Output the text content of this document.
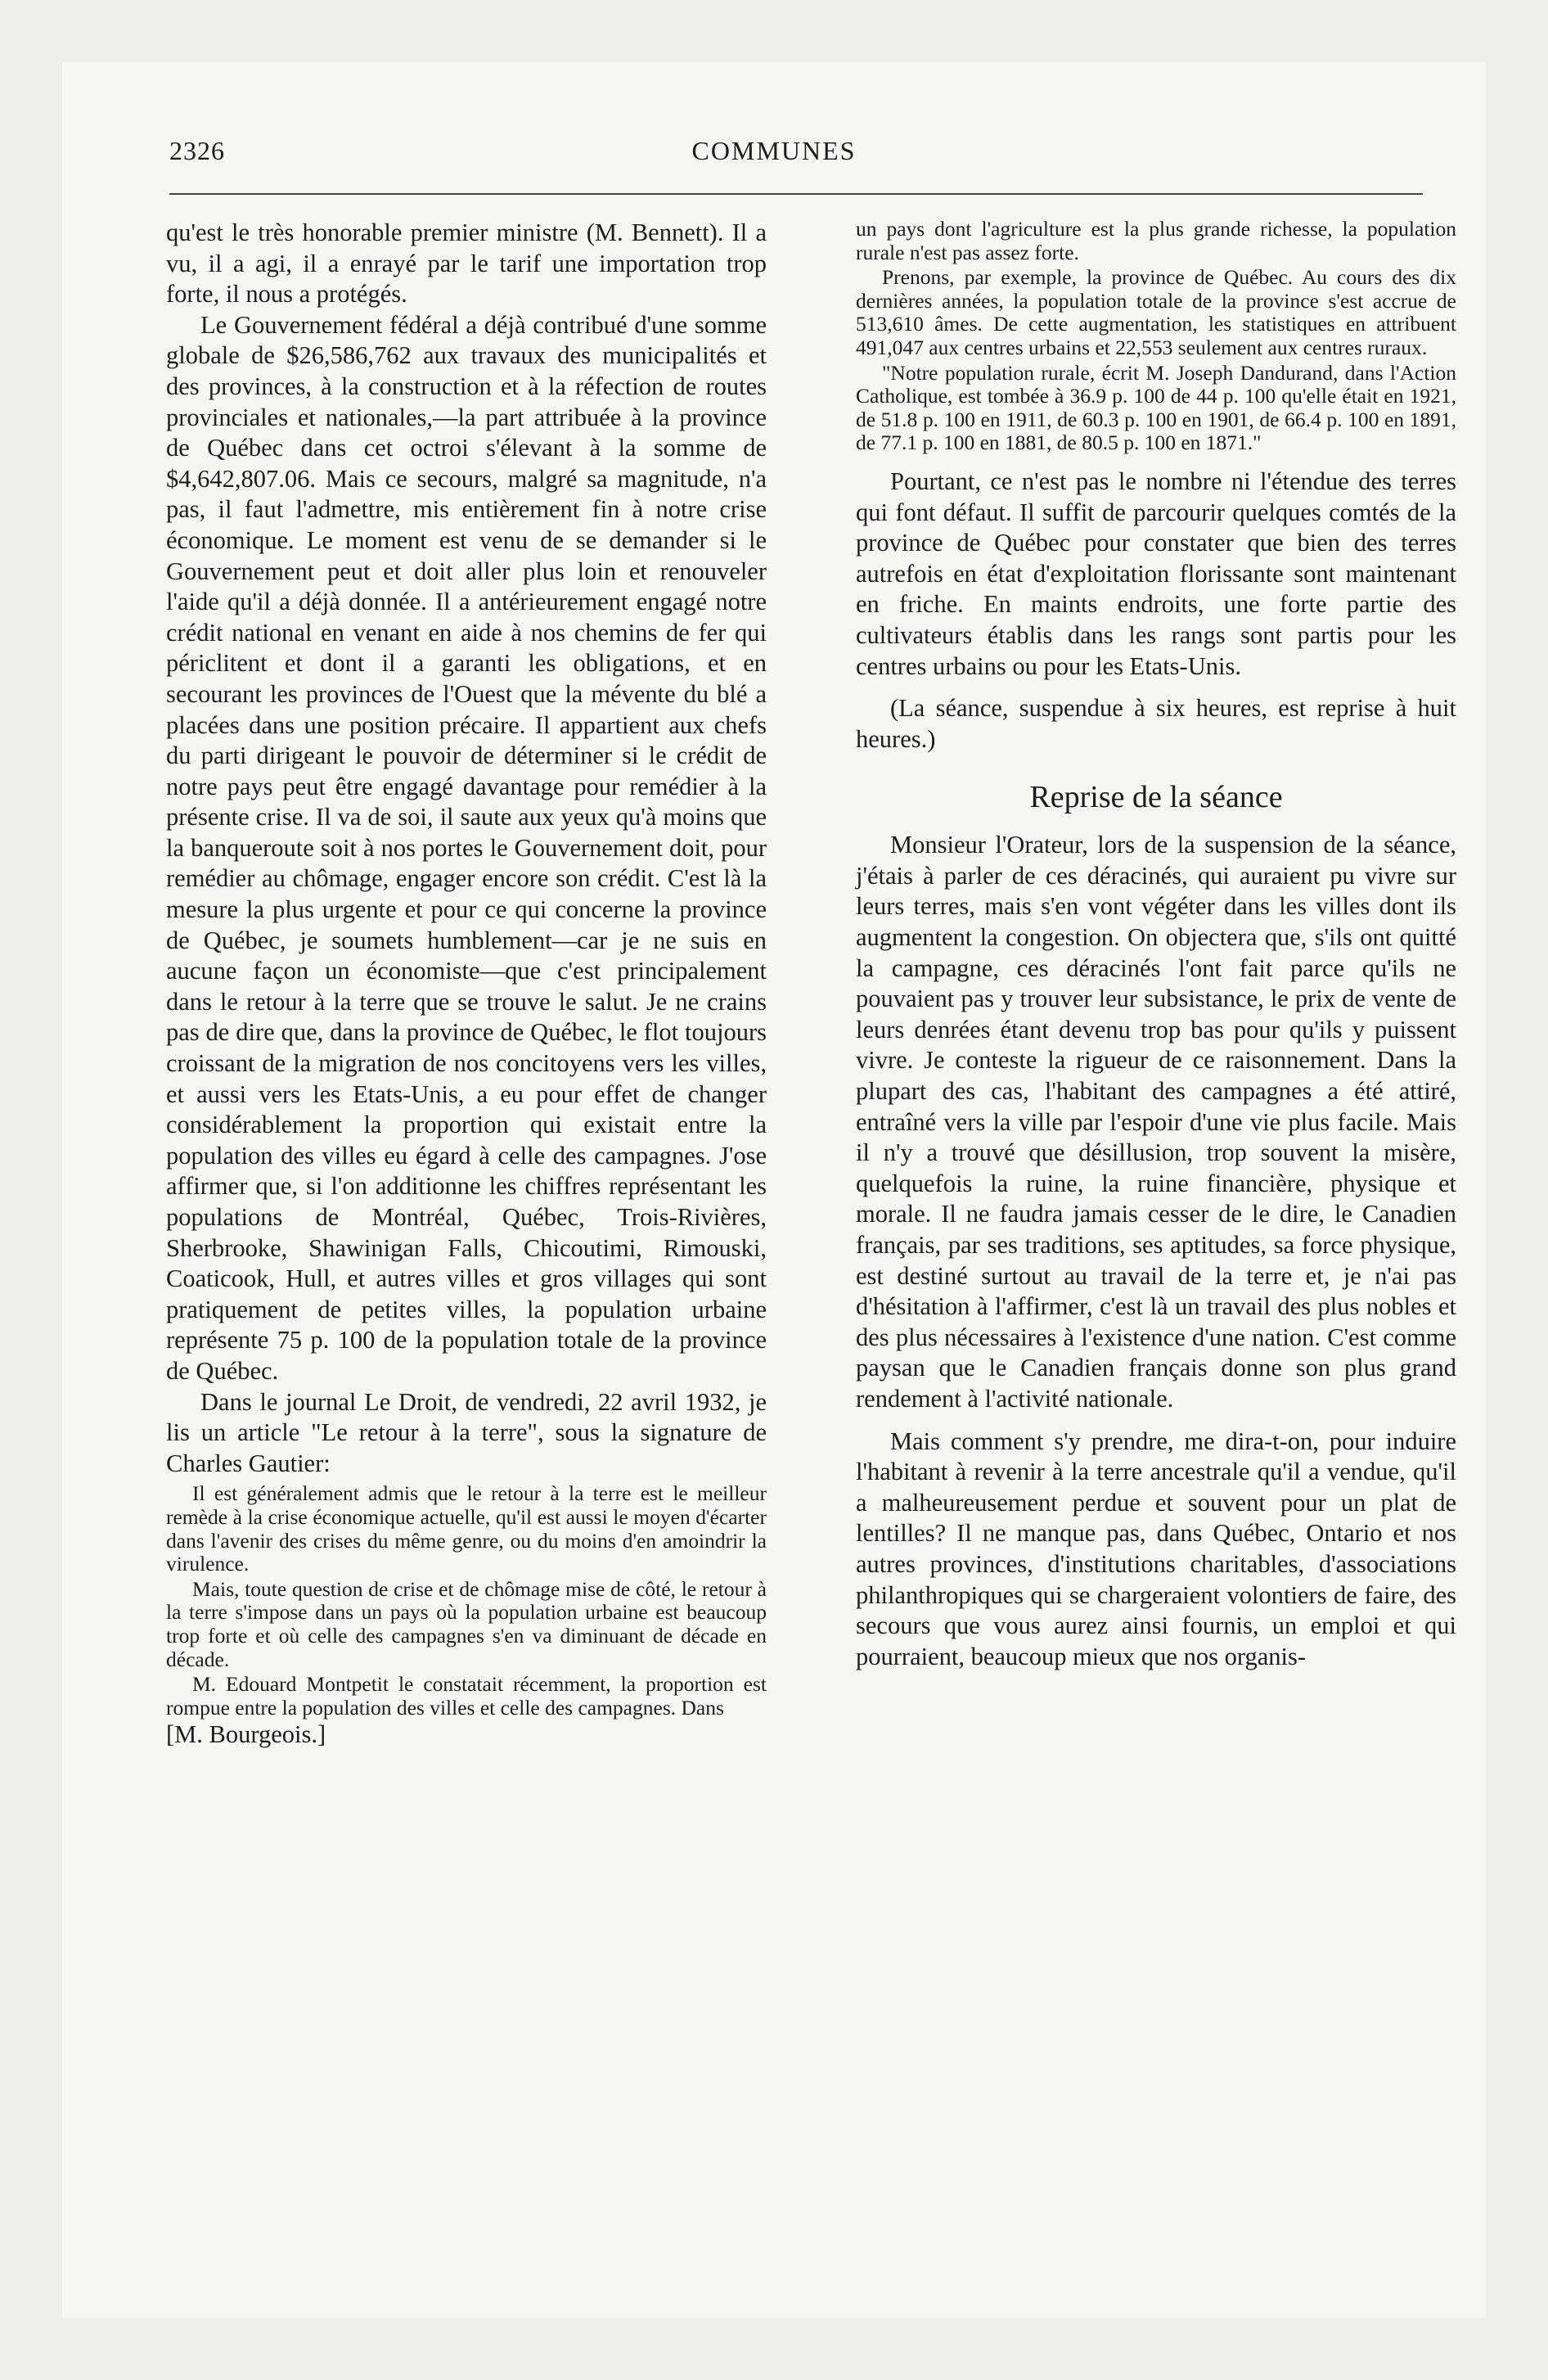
2326	COMMUNES

qu'est le très honorable premier ministre (M. Bennett). Il a vu, il a agi, il a enrayé par le tarif une importation trop forte, il nous a protégés.

Le Gouvernement fédéral a déjà contribué d'une somme globale de $26,586,762 aux travaux des municipalités et des provinces, à la construction et à la réfection de routes provinciales et nationales,—la part attribuée à la province de Québec dans cet octroi s'élevant à la somme de $4,642,807.06. Mais ce secours, malgré sa magnitude, n'a pas, il faut l'admettre, mis entièrement fin à notre crise économique. Le moment est venu de se demander si le Gouvernement peut et doit aller plus loin et renouveler l'aide qu'il a déjà donnée. Il a antérieurement engagé notre crédit national en venant en aide à nos chemins de fer qui périclitent et dont il a garanti les obligations, et en secourant les provinces de l'Ouest que la mévente du blé a placées dans une position précaire. Il appartient aux chefs du parti dirigeant le pouvoir de déterminer si le crédit de notre pays peut être engagé davantage pour remédier à la présente crise. Il va de soi, il saute aux yeux qu'à moins que la banqueroute soit à nos portes le Gouvernement doit, pour remédier au chômage, engager encore son crédit. C'est là la mesure la plus urgente et pour ce qui concerne la province de Québec, je soumets humblement—car je ne suis en aucune façon un économiste—que c'est principalement dans le retour à la terre que se trouve le salut. Je ne crains pas de dire que, dans la province de Québec, le flot toujours croissant de la migration de nos concitoyens vers les villes, et aussi vers les Etats-Unis, a eu pour effet de changer considérablement la proportion qui existait entre la population des villes eu égard à celle des campagnes. J'ose affirmer que, si l'on additionne les chiffres représentant les populations de Montréal, Québec, Trois-Rivières, Sherbrooke, Shawinigan Falls, Chicoutimi, Rimouski, Coaticook, Hull, et autres villes et gros villages qui sont pratiquement de petites villes, la population urbaine représente 75 p. 100 de la population totale de la province de Québec.

Dans le journal Le Droit, de vendredi, 22 avril 1932, je lis un article "Le retour à la terre", sous la signature de Charles Gautier:

Il est généralement admis que le retour à la terre est le meilleur remède à la crise économique actuelle, qu'il est aussi le moyen d'écarter dans l'avenir des crises du même genre, ou du moins d'en amoindrir la virulence.

Mais, toute question de crise et de chômage mise de côté, le retour à la terre s'impose dans un pays où la population urbaine est beaucoup trop forte et où celle des campagnes s'en va diminuant de décade en décade.

M. Edouard Montpetit le constatait récemment, la proportion est rompue entre la population des villes et celle des campagnes. Dans

[M. Bourgeois.]

un pays dont l'agriculture est la plus grande richesse, la population rurale n'est pas assez forte.

Prenons, par exemple, la province de Québec. Au cours des dix dernières années, la population totale de la province s'est accrue de 513,610 âmes. De cette augmentation, les statistiques en attribuent 491,047 aux centres urbains et 22,553 seulement aux centres ruraux.

"Notre population rurale, écrit M. Joseph Dandurand, dans l'Action Catholique, est tombée à 36.9 p. 100 de 44 p. 100 qu'elle était en 1921, de 51.8 p. 100 en 1911, de 60.3 p. 100 en 1901, de 66.4 p. 100 en 1891, de 77.1 p. 100 en 1881, de 80.5 p. 100 en 1871."

Pourtant, ce n'est pas le nombre ni l'étendue des terres qui font défaut. Il suffit de parcourir quelques comtés de la province de Québec pour constater que bien des terres autrefois en état d'exploitation florissante sont maintenant en friche. En maints endroits, une forte partie des cultivateurs établis dans les rangs sont partis pour les centres urbains ou pour les Etats-Unis.

(La séance, suspendue à six heures, est reprise à huit heures.)

Reprise de la séance

Monsieur l'Orateur, lors de la suspension de la séance, j'étais à parler de ces déracinés, qui auraient pu vivre sur leurs terres, mais s'en vont végéter dans les villes dont ils augmentent la congestion. On objectera que, s'ils ont quitté la campagne, ces déracinés l'ont fait parce qu'ils ne pouvaient pas y trouver leur subsistance, le prix de vente de leurs denrées étant devenu trop bas pour qu'ils y puissent vivre. Je conteste la rigueur de ce raisonnement. Dans la plupart des cas, l'habitant des campagnes a été attiré, entraîné vers la ville par l'espoir d'une vie plus facile. Mais il n'y a trouvé que désillusion, trop souvent la misère, quelquefois la ruine, la ruine financière, physique et morale. Il ne faudra jamais cesser de le dire, le Canadien français, par ses traditions, ses aptitudes, sa force physique, est destiné surtout au travail de la terre et, je n'ai pas d'hésitation à l'affirmer, c'est là un travail des plus nobles et des plus nécessaires à l'existence d'une nation. C'est comme paysan que le Canadien français donne son plus grand rendement à l'activité nationale.

Mais comment s'y prendre, me dira-t-on, pour induire l'habitant à revenir à la terre ancestrale qu'il a vendue, qu'il a malheureusement perdue et souvent pour un plat de lentilles? Il ne manque pas, dans Québec, Ontario et nos autres provinces, d'institutions charitables, d'associations philanthropiques qui se chargeraient volontiers de faire, des secours que vous aurez ainsi fournis, un emploi et qui pourraient, beaucoup mieux que nos organis-
